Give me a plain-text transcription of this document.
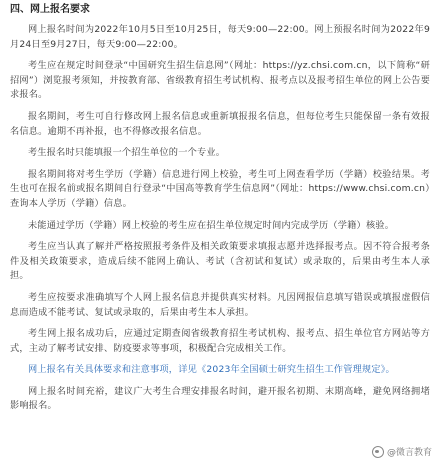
四、网上报名要求

网上报名时间为2022年10月5日至10月25日，每天9:00—22:00。网上预报名时间为2022年9月24日至9月27日，每天9:00—22:00。

考生应在规定时间登录“中国研究生招生信息网”（网址：https://yz.chsi.com.cn，以下简称“研招网”）浏览报考须知，并按教育部、省级教育招生考试机构、报考点以及报考招生单位的网上公告要求报名。

报名期间，考生可自行修改网上报名信息或重新填报报名信息，但每位考生只能保留一条有效报名信息。逾期不再补报，也不得修改报名信息。

考生报名时只能填报一个招生单位的一个专业。

报名期间将对考生学历（学籍）信息进行网上校验，考生可上网查看学历（学籍）校验结果。考生也可在报名前或报名期间自行登录“中国高等教育学生信息网”（网址：https://www.chsi.com.cn）查询本人学历（学籍）信息。

未能通过学历（学籍）网上校验的考生应在招生单位规定时间内完成学历（学籍）核验。

考生应当认真了解并严格按照报考条件及相关政策要求填报志愿并选择报考点。因不符合报考条件及相关政策要求，造成后续不能网上确认、考试（含初试和复试）或录取的，后果由考生本人承担。

考生应按要求准确填写个人网上报名信息并提供真实材料。凡因网报信息填写错误或填报虚假信息而造成不能考试、复试或录取的，后果由考生本人承担。

考生网上报名成功后，应通过定期查阅省级教育招生考试机构、报考点、招生单位官方网站等方式，主动了解考试安排、防疫要求等事项，积极配合完成相关工作。

网上报名有关具体要求和注意事项，详见《2023年全国硕士研究生招生工作管理规定》。

网上报名时间充裕，建议广大考生合理安排报名时间，避开报名初期、末期高峰，避免网络拥堵影响报名。

@微言教育
